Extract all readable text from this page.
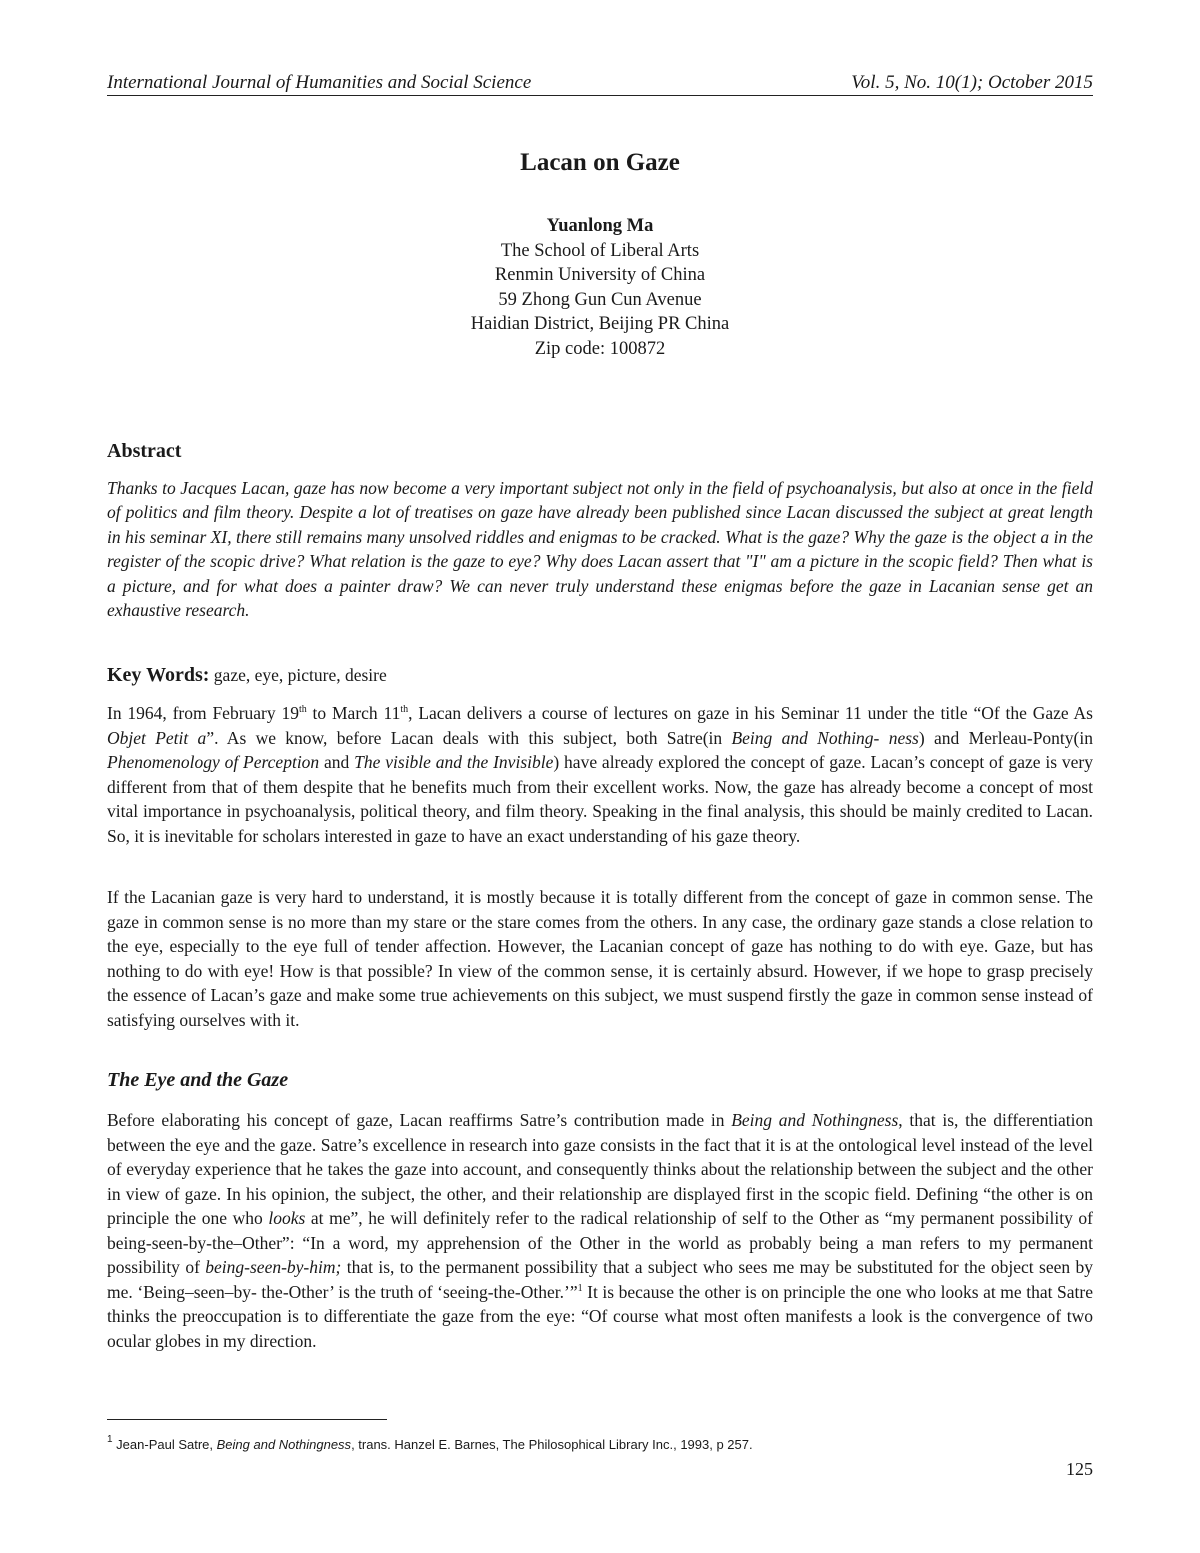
International Journal of Humanities and Social Science	Vol. 5, No. 10(1); October 2015
Lacan on Gaze
Yuanlong Ma
The School of Liberal Arts
Renmin University of China
59 Zhong Gun Cun Avenue
Haidian District, Beijing PR China
Zip code: 100872
Abstract

Thanks to Jacques Lacan, gaze has now become a very important subject not only in the field of psychoanalysis, but also at once in the field of politics and film theory. Despite a lot of treatises on gaze have already been published since Lacan discussed the subject at great length in his seminar XI, there still remains many unsolved riddles and enigmas to be cracked. What is the gaze? Why the gaze is the object a in the register of the scopic drive? What relation is the gaze to eye? Why does Lacan assert that "I" am a picture in the scopic field? Then what is a picture, and for what does a painter draw? We can never truly understand these enigmas before the gaze in Lacanian sense get an exhaustive research.

Key Words: gaze, eye, picture, desire

In 1964, from February 19th to March 11th, Lacan delivers a course of lectures on gaze in his Seminar 11 under the title “Of the Gaze As Objet Petit a”. As we know, before Lacan deals with this subject, both Satre(in Being and Nothing- ness) and Merleau-Ponty(in Phenomenology of Perception and The visible and the Invisible) have already explored the concept of gaze. Lacan’s concept of gaze is very different from that of them despite that he benefits much from their excellent works. Now, the gaze has already become a concept of most vital importance in psychoanalysis, political theory, and film theory. Speaking in the final analysis, this should be mainly credited to Lacan. So, it is inevitable for scholars interested in gaze to have an exact understanding of his gaze theory.

If the Lacanian gaze is very hard to understand, it is mostly because it is totally different from the concept of gaze in common sense. The gaze in common sense is no more than my stare or the stare comes from the others. In any case, the ordinary gaze stands a close relation to the eye, especially to the eye full of tender affection. However, the Lacanian concept of gaze has nothing to do with eye. Gaze, but has nothing to do with eye! How is that possible? In view of the common sense, it is certainly absurd. However, if we hope to grasp precisely the essence of Lacan’s gaze and make some true achievements on this subject, we must suspend firstly the gaze in common sense instead of satisfying ourselves with it.

The Eye and the Gaze

Before elaborating his concept of gaze, Lacan reaffirms Satre’s contribution made in Being and Nothingness, that is, the differentiation between the eye and the gaze. Satre’s excellence in research into gaze consists in the fact that it is at the ontological level instead of the level of everyday experience that he takes the gaze into account, and consequently thinks about the relationship between the subject and the other in view of gaze. In his opinion, the subject, the other, and their relationship are displayed first in the scopic field. Defining “the other is on principle the one who looks at me”, he will definitely refer to the radical relationship of self to the Other as “my permanent possibility of being-seen-by-the–Other”: “In a word, my apprehension of the Other in the world as probably being a man refers to my permanent possibility of being-seen-by-him; that is, to the permanent possibility that a subject who sees me may be substituted for the object seen by me. ‘Being–seen–by- the-Other’ is the truth of ‘seeing-the-Other.’”$^1$ It is because the other is on principle the one who looks at me that Satre thinks the preoccupation is to differentiate the gaze from the eye: “Of course what most often manifests a look is the convergence of two ocular globes in my direction.

$^1$ Jean-Paul Satre, Being and Nothingness, trans. Hanzel E. Barnes, The Philosophical Library Inc., 1993, p 257.
125
